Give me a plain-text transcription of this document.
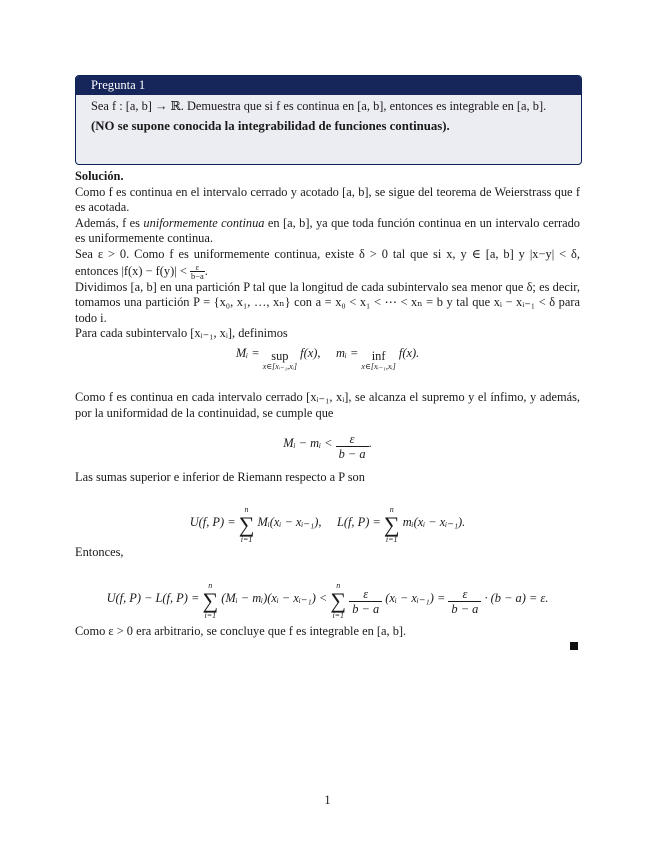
Pregunta 1

Sea f : [a, b] → ℝ. Demuestra que si f es continua en [a, b], entonces es integrable en [a, b].

(NO se supone conocida la integrabilidad de funciones continuas).

Solución.

Como f es continua en el intervalo cerrado y acotado [a, b], se sigue del teorema de Weierstrass que f es acotada.

Además, f es uniformemente continua en [a, b], ya que toda función continua en un intervalo cerrado es uniformemente continua.

Sea ε > 0. Como f es uniformemente continua, existe δ > 0 tal que si x, y ∈ [a, b] y |x−y| < δ, entonces $|f(x) - f(y)| < \frac{\varepsilon}{b-a}$ .

Dividimos [a, b] en una partición P tal que la longitud de cada subintervalo sea menor que δ; es decir, tomamos una partición P = {x₀, x₁, …, xₙ} con a = x₀ < x₁ < ⋯ < xₙ = b y tal que xᵢ − xᵢ₋₁ < δ para todo i.

Para cada subintervalo [xᵢ₋₁, xᵢ], definimos

Mᵢ = sup
x∈[xᵢ₋₁,xᵢ]
f(x), mᵢ = inf
x∈[xᵢ₋₁,xᵢ]
f(x).

Como f es continua en cada intervalo cerrado [xᵢ₋₁, xᵢ], se alcanza el supremo y el ínfimo, y además, por la uniformidad de la continuidad, se cumple que

Mᵢ − mᵢ < $\frac{\varepsilon}{b - a}$ .

Las sumas superior e inferior de Riemann respecto a P son

U(f, P) =
n
∑
i=1
Mᵢ(xᵢ − xᵢ₋₁), L(f, P) =
n
∑
i=1
mᵢ(xᵢ − xᵢ₋₁).

Entonces,

U(f, P) − L(f, P) =
n
∑
i=1
(Mᵢ − mᵢ)(xᵢ − xᵢ₋₁) <
n
∑
i=1
$\frac{\varepsilon}{b - a}$ (xᵢ − xᵢ₋₁) = $\frac{\varepsilon}{b - a} \cdot (b - a) = \varepsilon$.

Como ε > 0 era arbitrario, se concluye que f es integrable en [a, b].

1
